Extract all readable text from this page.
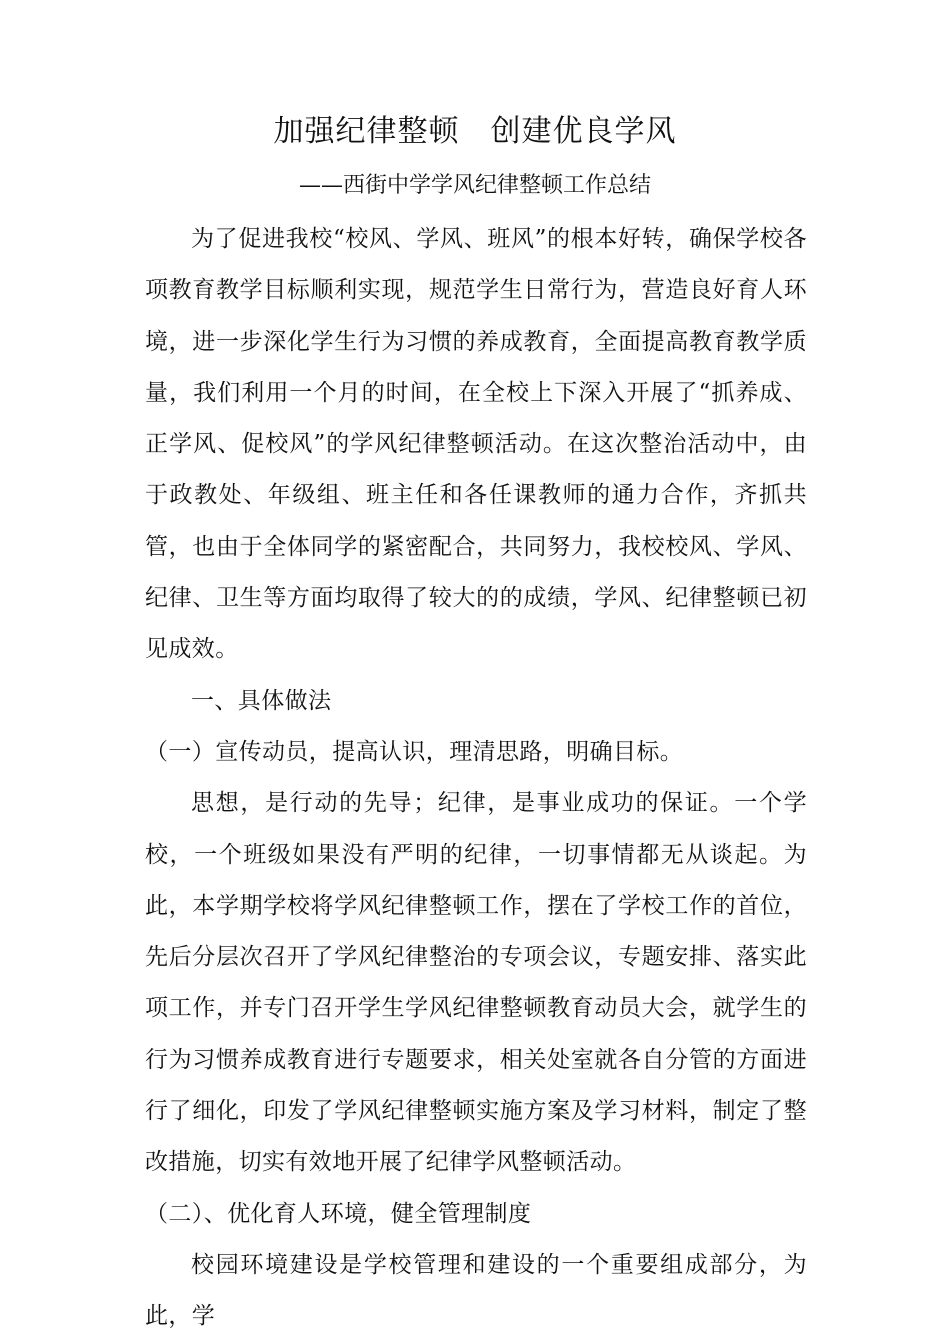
加强纪律整顿　创建优良学风
——西街中学学风纪律整顿工作总结

为了促进我校“校风、学风、班风”的根本好转，确保学校各项教育教学目标顺利实现，规范学生日常行为，营造良好育人环境，进一步深化学生行为习惯的养成教育，全面提高教育教学质量，我们利用一个月的时间，在全校上下深入开展了“抓养成、正学风、促校风”的学风纪律整顿活动。在这次整治活动中，由于政教处、年级组、班主任和各任课教师的通力合作，齐抓共管，也由于全体同学的紧密配合，共同努力，我校校风、学风、纪律、卫生等方面均取得了较大的的成绩，学风、纪律整顿已初见成效。

一、具体做法

（一）宣传动员，提高认识，理清思路，明确目标。

思想，是行动的先导；纪律，是事业成功的保证。一个学校，一个班级如果没有严明的纪律，一切事情都无从谈起。为此，本学期学校将学风纪律整顿工作，摆在了学校工作的首位，先后分层次召开了学风纪律整治的专项会议，专题安排、落实此项工作，并专门召开学生学风纪律整顿教育动员大会，就学生的行为习惯养成教育进行专题要求，相关处室就各自分管的方面进行了细化，印发了学风纪律整顿实施方案及学习材料，制定了整改措施，切实有效地开展了纪律学风整顿活动。

（二）、优化育人环境，健全管理制度

校园环境建设是学校管理和建设的一个重要组成部分，为此，学
